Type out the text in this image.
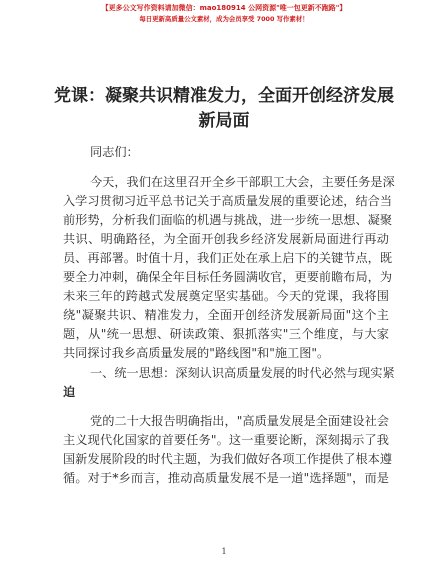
【更多公文写作资料请加微信：mao180914 公网资源"唯一包更新不跑路"】
每日更新高质量公文素材，成为会员享受 7000 写作素材！
党课：凝聚共识精准发力，全面开创经济发展
新局面
同志们：
今天，我们在这里召开全乡干部职工大会，主要任务是深
入学习贯彻习近平总书记关于高质量发展的重要论述，结合当
前形势，分析我们面临的机遇与挑战，进一步统一思想、凝聚
共识、明确路径，为全面开创我乡经济发展新局面进行再动
员、再部署。时值十月，我们正处在承上启下的关键节点，既
要全力冲刺，确保全年目标任务圆满收官，更要前瞻布局，为
未来三年的跨越式发展奠定坚实基础。今天的党课，我将围
绕"凝聚共识、精准发力，全面开创经济发展新局面"这个主
题，从"统一思想、研读政策、狠抓落实"三个维度，与大家
共同探讨我乡高质量发展的"路线图"和"施工图"。
一、统一思想：深刻认识高质量发展的时代必然与现实紧
迫
党的二十大报告明确指出，"高质量发展是全面建设社会
主义现代化国家的首要任务"。这一重要论断，深刻揭示了我
国新发展阶段的时代主题，为我们做好各项工作提供了根本遵
循。对于*乡而言，推动高质量发展不是一道"选择题"，而是
1
